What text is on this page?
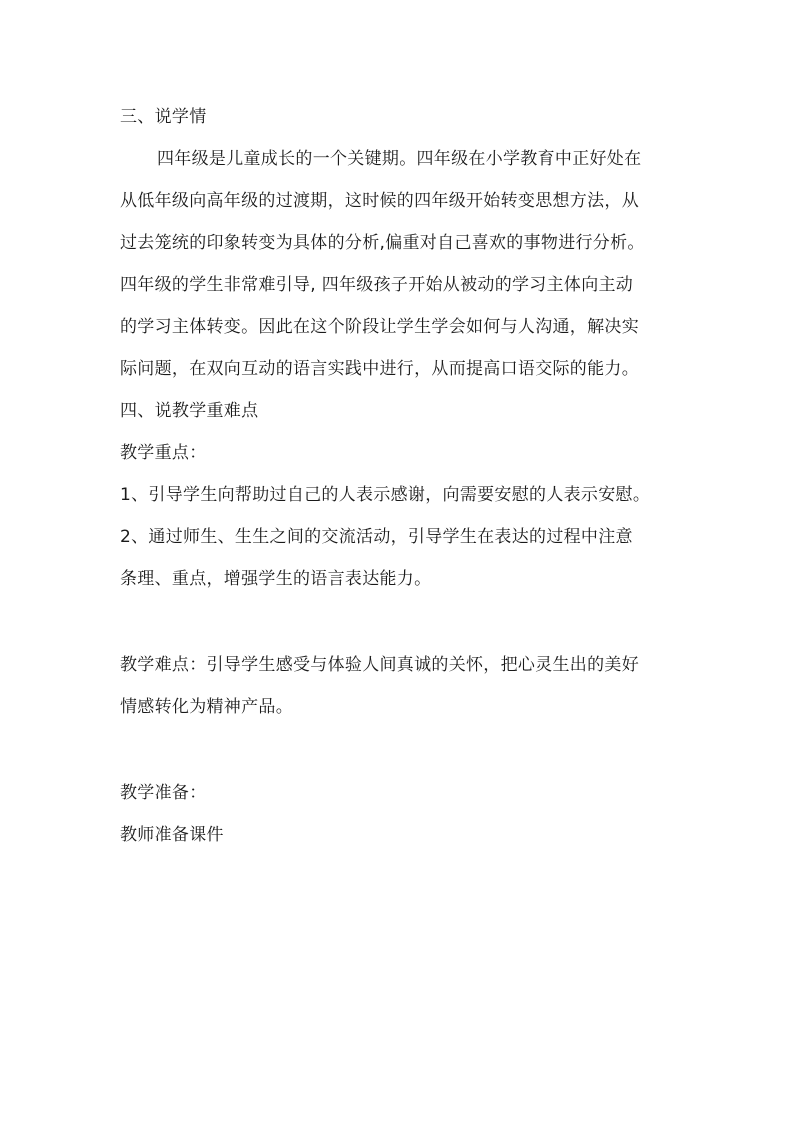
三、说学情

四年级是儿童成长的一个关键期。四年级在小学教育中正好处在

从低年级向高年级的过渡期，这时候的四年级开始转变思想方法，从

过去笼统的印象转变为具体的分析,偏重对自己喜欢的事物进行分析。

四年级的学生非常难引导, 四年级孩子开始从被动的学习主体向主动

的学习主体转变。因此在这个阶段让学生学会如何与人沟通，解决实

际问题，在双向互动的语言实践中进行，从而提高口语交际的能力。

四、说教学重难点

教学重点：

1、引导学生向帮助过自己的人表示感谢，向需要安慰的人表示安慰。

2、通过师生、生生之间的交流活动，引导学生在表达的过程中注意

条理、重点，增强学生的语言表达能力。

教学难点：引导学生感受与体验人间真诚的关怀，把心灵生出的美好

情感转化为精神产品。

教学准备：

教师准备课件
